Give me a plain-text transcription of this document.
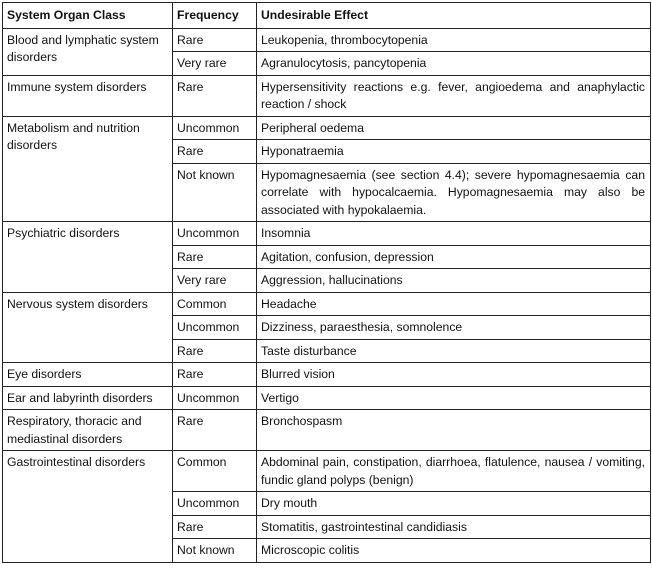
System Organ Class	Frequency	Undesirable Effect
Blood and lymphatic system disorders	Rare	Leukopenia, thrombocytopenia
	Very rare	Agranulocytosis, pancytopenia
Immune system disorders	Rare	Hypersensitivity reactions e.g. fever, angioedema and anaphylactic reaction / shock
Metabolism and nutrition disorders	Uncommon	Peripheral oedema
	Rare	Hyponatraemia
	Not known	Hypomagnesaemia (see section 4.4); severe hypomagnesaemia can correlate with hypocalcaemia. Hypomagnesaemia may also be associated with hypokalaemia.
Psychiatric disorders	Uncommon	Insomnia
	Rare	Agitation, confusion, depression
	Very rare	Aggression, hallucinations
Nervous system disorders	Common	Headache
	Uncommon	Dizziness, paraesthesia, somnolence
	Rare	Taste disturbance
Eye disorders	Rare	Blurred vision
Ear and labyrinth disorders	Uncommon	Vertigo
Respiratory, thoracic and mediastinal disorders	Rare	Bronchospasm
Gastrointestinal disorders	Common	Abdominal pain, constipation, diarrhoea, flatulence, nausea / vomiting, fundic gland polyps (benign)
	Uncommon	Dry mouth
	Rare	Stomatitis, gastrointestinal candidiasis
	Not known	Microscopic colitis
